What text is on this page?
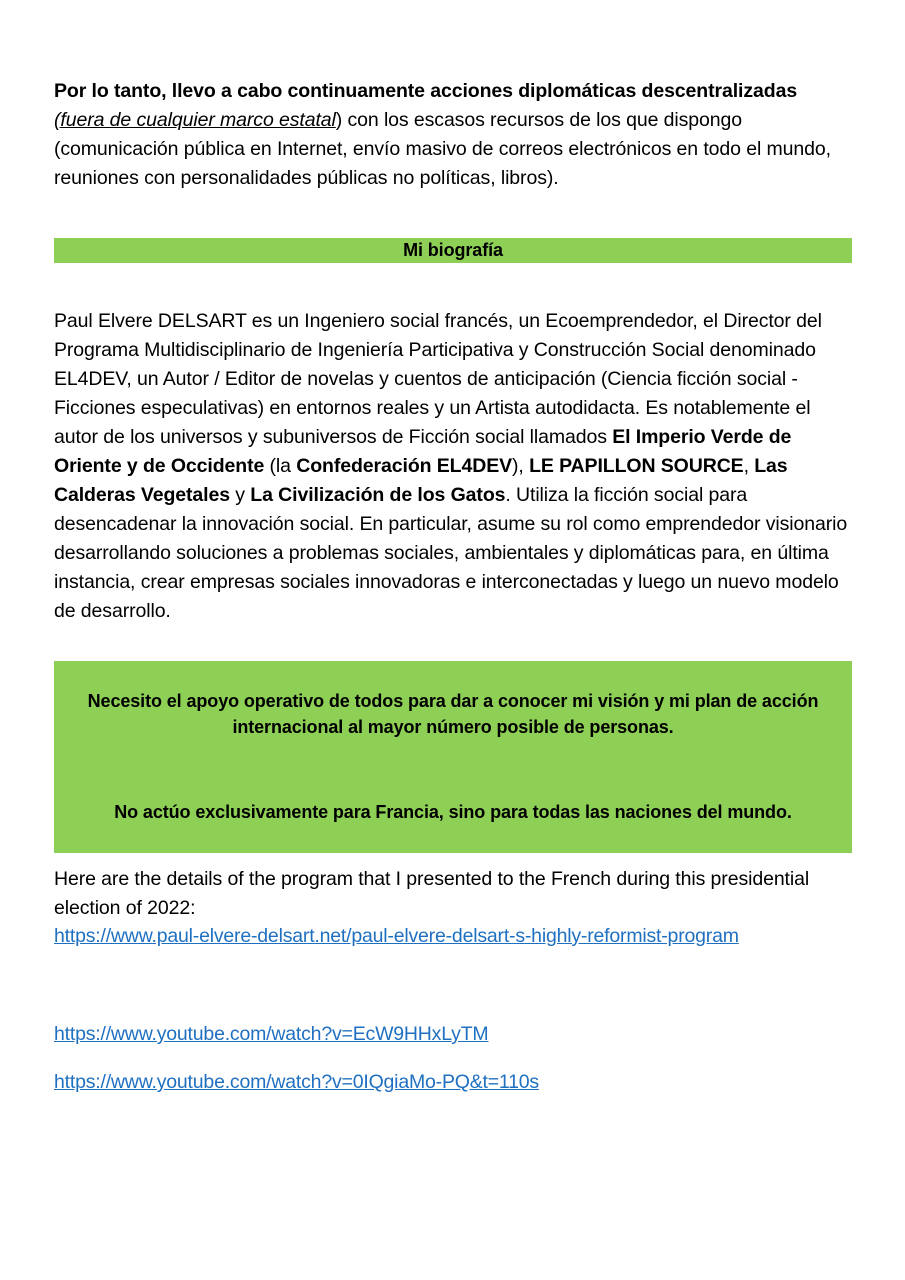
Por lo tanto, llevo a cabo continuamente acciones diplomáticas descentralizadas (fuera de cualquier marco estatal) con los escasos recursos de los que dispongo (comunicación pública en Internet, envío masivo de correos electrónicos en todo el mundo, reuniones con personalidades públicas no políticas, libros).

Mi biografía

Paul Elvere DELSART es un Ingeniero social francés, un Ecoemprendedor, el Director del Programa Multidisciplinario de Ingeniería Participativa y Construcción Social denominado EL4DEV, un Autor / Editor de novelas y cuentos de anticipación (Ciencia ficción social - Ficciones especulativas) en entornos reales y un Artista autodidacta. Es notablemente el autor de los universos y subuniversos de Ficción social llamados El Imperio Verde de Oriente y de Occidente (la Confederación EL4DEV), LE PAPILLON SOURCE, Las Calderas Vegetales y La Civilización de los Gatos. Utiliza la ficción social para desencadenar la innovación social. En particular, asume su rol como emprendedor visionario desarrollando soluciones a problemas sociales, ambientales y diplomáticas para, en última instancia, crear empresas sociales innovadoras e interconectadas y luego un nuevo modelo de desarrollo.

Necesito el apoyo operativo de todos para dar a conocer mi visión y mi plan de acción internacional al mayor número posible de personas.

No actúo exclusivamente para Francia, sino para todas las naciones del mundo.

Here are the details of the program that I presented to the French during this presidential election of 2022:

https://www.paul-elvere-delsart.net/paul-elvere-delsart-s-highly-reformist-program
https://www.youtube.com/watch?v=EcW9HHxLyTM
https://www.youtube.com/watch?v=0IQgiaMo-PQ&t=110s
